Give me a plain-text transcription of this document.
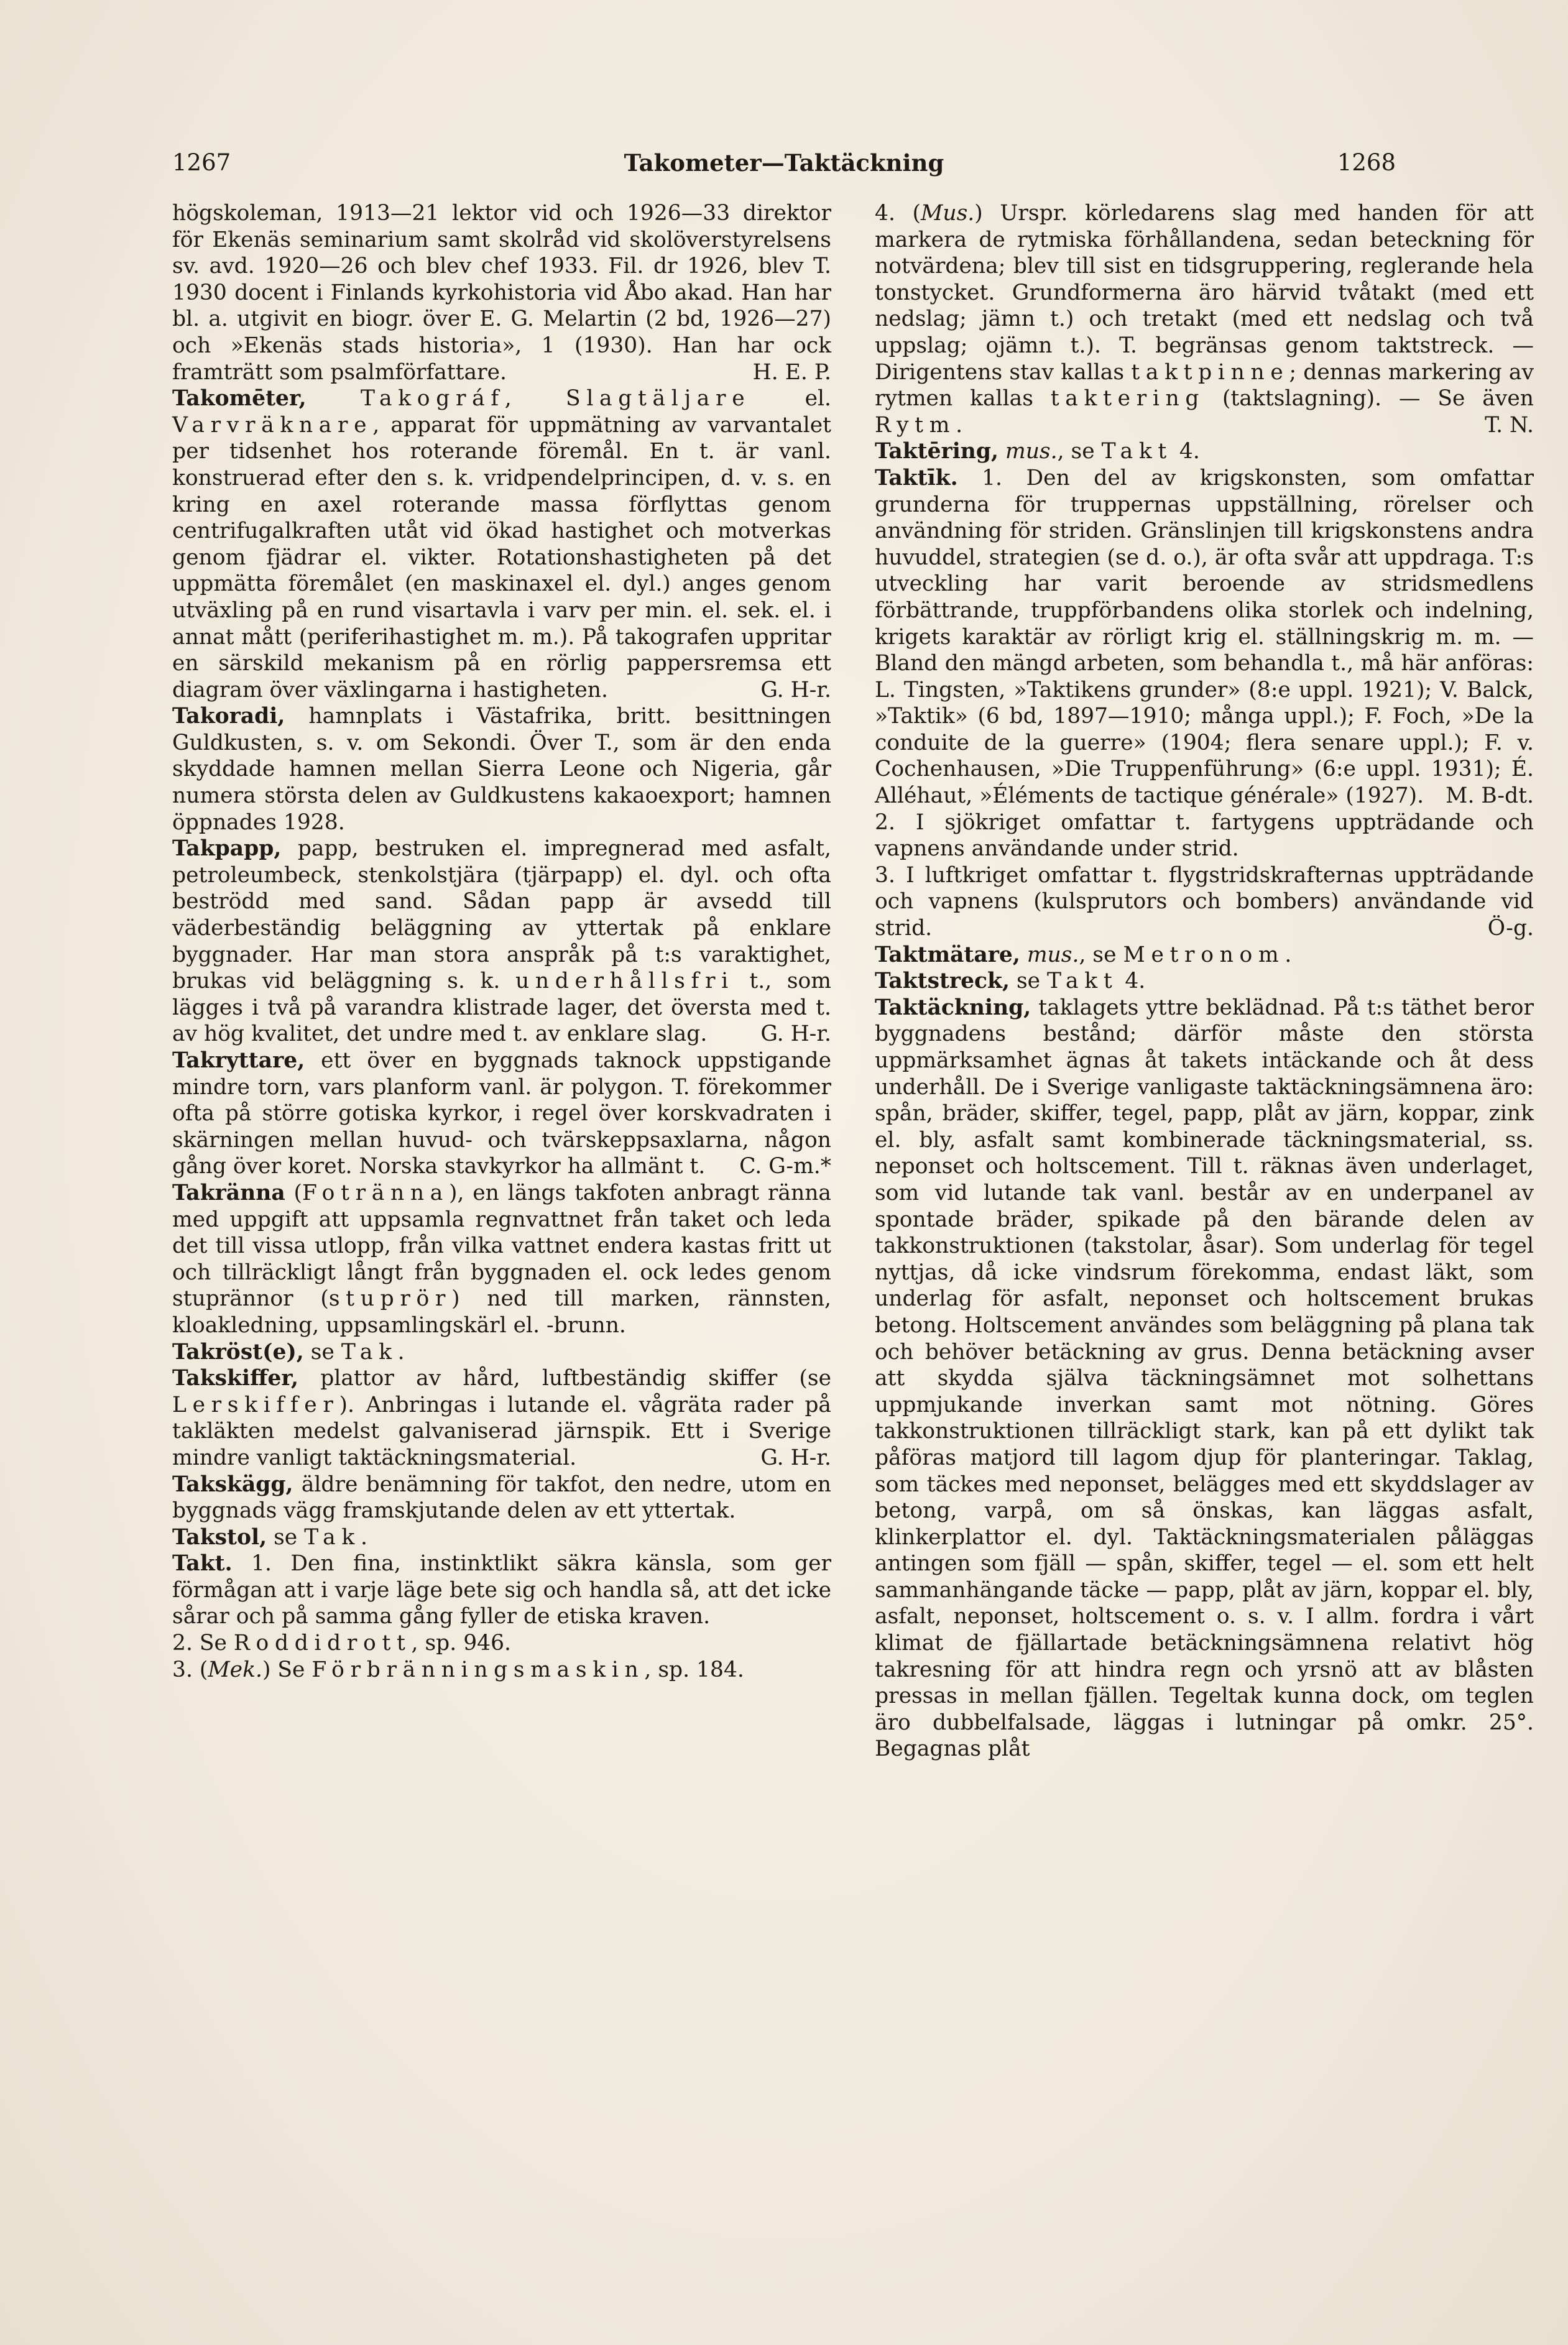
1267	Takometer—Taktäckning	1268

högskoleman, 1913—21 lektor vid och 1926—33 direktor för Ekenäs seminarium samt skolråd vid skolöverstyrelsens sv. avd. 1920—26 och blev chef 1933. Fil. dr 1926, blev T. 1930 docent i Finlands kyrkohistoria vid Åbo akad. Han har bl. a. utgivit en biogr. över E. G. Melartin (2 bd, 1926—27) och »Ekenäs stads historia», 1 (1930). Han har ock framträtt som psalmförfattare.	H. E. P.

Takomēter,	Takográf, Slagtäljare el. Varvräknare, apparat för uppmätning av varvantalet per tidsenhet hos roterande föremål. En t. är vanl. konstruerad efter den s. k. vridpendelprincipen, d. v. s. en kring en axel roterande massa förflyttas genom centrifugalkraften utåt vid ökad hastighet och motverkas genom fjädrar el. vikter. Rotationshastigheten på det uppmätta föremålet (en maskinaxel el. dyl.) anges genom utväxling på en rund visartavla i varv per min. el. sek. el. i annat mått (periferihastighet m. m.). På takografen uppritar en särskild mekanism på en rörlig pappersremsa ett diagram över växlingarna i hastigheten.	G. H-r.

Takoradi, hamnplats i Västafrika, britt. besittningen Guldkusten, s. v. om Sekondi. Över T., som är den enda skyddade hamnen mellan Sierra Leone och Nigeria, går numera största delen av Guldkustens kakaoexport; hamnen öppnades 1928.

Takpapp, papp, bestruken el. impregnerad med asfalt, petroleumbeck, stenkolstjära (tjärpapp) el. dyl. och ofta beströdd med sand. Sådan papp är avsedd till väderbeständig beläggning av yttertak på enklare byggnader. Har man stora anspråk på t:s varaktighet, brukas vid beläggning s. k. underhållsfri t., som lägges i två på varandra klistrade lager, det översta med t. av hög kvalitet, det undre med t. av enklare slag. G. H-r.

Takryttare, ett över en byggnads taknock uppstigande mindre torn, vars planform vanl. är polygon. T. förekommer ofta på större gotiska kyrkor, i regel över korskvadraten i skärningen mellan huvud- och tvärskeppsaxlarna, någon gång över koret. Norska stavkyrkor ha allmänt t. C. G-m.*

Takränna (Fotränna), en längs takfoten anbragt ränna med uppgift att uppsamla regnvattnet från taket och leda det till vissa utlopp, från vilka vattnet endera kastas fritt ut och tillräckligt långt från byggnaden el. ock ledes genom stuprännor (stuprör) ned till marken, rännsten, kloakledning, uppsamlingskärl el. -brunn.

Takröst(e), se Tak.

Takskiffer, plattor av hård, luftbeständig skiffer (se Lerskiffer). Anbringas i lutande el. vågräta rader på takläkten medelst galvaniserad järnspik. Ett i Sverige mindre vanligt taktäckningsmaterial.	G. H-r.

Takskägg, äldre benämning för takfot, den nedre, utom en byggnads vägg framskjutande delen av ett yttertak.

Takstol, se Tak.

Takt. 1. Den fina, instinktlikt säkra känsla, som ger förmågan att i varje läge bete sig och handla så, att det icke sårar och på samma gång fyller de etiska kraven.

2. Se Roddidrott, sp. 946.

3. (Mek.) Se Förbränningsmaskin, sp. 184.

4. (Mus.) Urspr. körledarens slag med handen för att markera de rytmiska förhållandena, sedan beteckning för notvärdena; blev till sist en tidsgruppering, reglerande hela tonstycket. Grundformerna äro härvid tvåtakt (med ett nedslag; jämn t.) och tretakt (med ett nedslag och två uppslag; ojämn t.). T. begränsas genom taktstreck. — Dirigentens stav kallas taktpinne; dennas markering av rytmen kallas taktering (taktslagning). — Se även Rytm.	T. N.

Taktēring, mus., se Takt 4.

Taktīk. 1. Den del av krigskonsten, som omfattar grunderna för truppernas uppställning, rörelser och användning för striden. Gränslinjen till krigskonstens andra huvuddel, strategien (se d. o.), är ofta svår att uppdraga. T:s utveckling har varit beroende av stridsmedlens förbättrande, truppförbandens olika storlek och indelning, krigets karaktär av rörligt krig el. ställningskrig m. m. — Bland den mängd arbeten, som behandla t., må här anföras: L. Tingsten, »Taktikens grunder» (8:e uppl. 1921); V. Balck, »Taktik» (6 bd, 1897—1910; många uppl.); F. Foch, »De la conduite de la guerre» (1904; flera senare uppl.); F. v. Cochenhausen, »Die Truppenführung» (6:e uppl. 1931); É. Alléhaut, »Éléments de tactique générale» (1927). M. B-dt.

2. I sjökriget omfattar t. fartygens uppträdande och vapnens användande under strid.

3. I luftkriget omfattar t. flygstridskrafternas uppträdande och vapnens (kulsprutors och bombers) användande vid strid.	Ö-g.

Taktmätare, mus., se Metronom.

Taktstreck, se Takt 4.

Taktäckning, taklagets yttre beklädnad. På t:s täthet beror byggnadens bestånd; därför måste den största uppmärksamhet ägnas åt takets intäckande och åt dess underhåll. De i Sverige vanligaste taktäckningsämnena äro: spån, bräder, skiffer, tegel, papp, plåt av järn, koppar, zink el. bly, asfalt samt kombinerade täckningsmaterial, ss. neponset och holtscement. Till t. räknas även underlaget, som vid lutande tak vanl. består av en underpanel av spontade bräder, spikade på den bärande delen av takkonstruktionen (takstolar, åsar). Som underlag för tegel nyttjas, då icke vindsrum förekomma, endast läkt, som underlag för asfalt, neponset och holtscement brukas betong. Holtscement användes som beläggning på plana tak och behöver betäckning av grus. Denna betäckning avser att skydda själva täckningsämnet mot solhettans uppmjukande inverkan samt mot nötning. Göres takkonstruktionen tillräckligt stark, kan på ett dylikt tak påföras matjord till lagom djup för planteringar. Taklag, som täckes med neponset, belägges med ett skyddslager av betong, varpå, om så önskas, kan läggas asfalt, klinkerplattor el. dyl. Taktäckningsmaterialen påläggas antingen som fjäll — spån, skiffer, tegel — el. som ett helt sammanhängande täcke — papp, plåt av järn, koppar el. bly, asfalt, neponset, holtscement o. s. v. I allm. fordra i vårt klimat de fjällartade betäckningsämnena relativt hög takresning för att hindra regn och yrsnö att av blåsten pressas in mellan fjällen. Tegeltak kunna dock, om teglen äro dubbelfalsade, läggas i lutningar på omkr. 25°. Begagnas plåt
